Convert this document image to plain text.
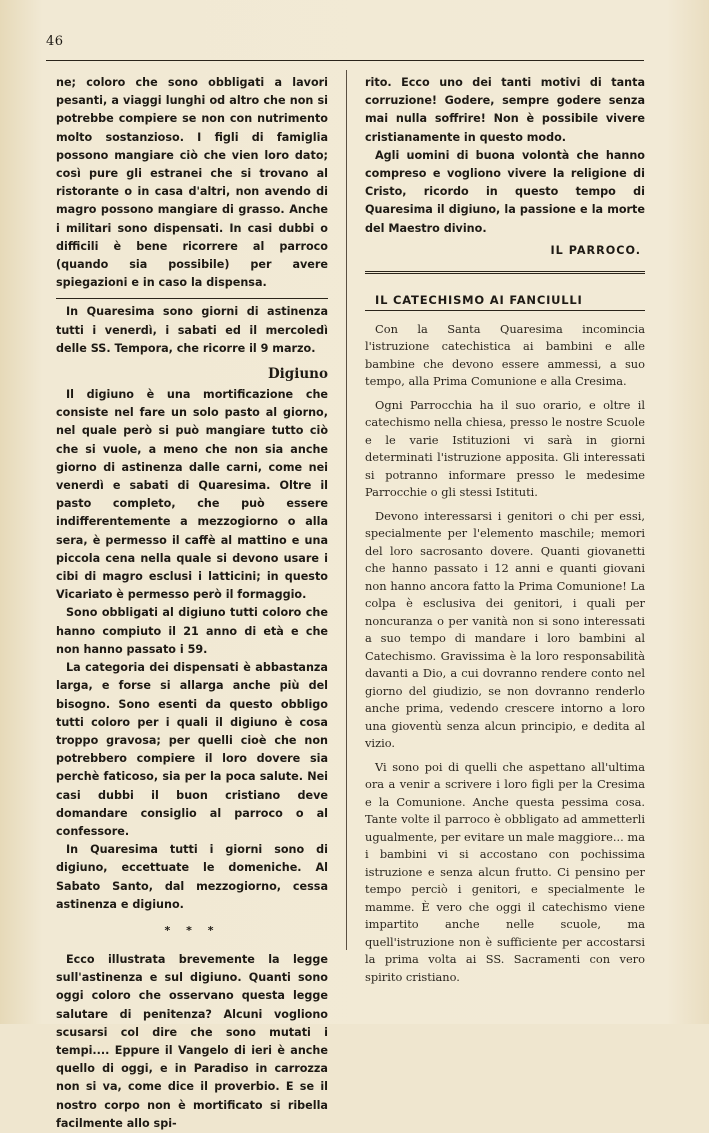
46

ne; coloro che sono obbligati a lavori pesanti, a viaggi lunghi od altro che non si potrebbe compiere se non con nutrimento molto sostanzioso. I figli di famiglia possono mangiare ciò che vien loro dato; così pure gli estranei che si trovano al ristorante o in casa d'altri, non avendo di magro possono mangiare di grasso. Anche i militari sono dispensati. In casi dubbi o difficili è bene ricorrere al parroco (quando sia possibile) per avere spiegazioni e in caso la dispensa.

In Quaresima sono giorni di astinenza tutti i venerdì, i sabati ed il mercoledì delle SS. Tempora, che ricorre il 9 marzo.

Digiuno

Il digiuno è una mortificazione che consiste nel fare un solo pasto al giorno, nel quale però si può mangiare tutto ciò che si vuole, a meno che non sia anche giorno di astinenza dalle carni, come nei venerdì e sabati di Quaresima. Oltre il pasto completo, che può essere indifferentemente a mezzogiorno o alla sera, è permesso il caffè al mattino e una piccola cena nella quale si devono usare i cibi di magro esclusi i latticini; in questo Vicariato è permesso però il formaggio.

Sono obbligati al digiuno tutti coloro che hanno compiuto il 21 anno di età e che non hanno passato i 59.

La categoria dei dispensati è abbastanza larga, e forse si allarga anche più del bisogno. Sono esenti da questo obbligo tutti coloro per i quali il digiuno è cosa troppo gravosa; per quelli cioè che non potrebbero compiere il loro dovere sia perchè faticoso, sia per la poca salute. Nei casi dubbi il buon cristiano deve domandare consiglio al parroco o al confessore.

In Quaresima tutti i giorni sono di digiuno, eccettuate le domeniche. Al Sabato Santo, dal mezzogiorno, cessa astinenza e digiuno.

* * *

Ecco illustrata brevemente la legge sull'astinenza e sul digiuno. Quanti sono oggi coloro che osservano questa legge salutare di penitenza? Alcuni vogliono scusarsi col dire che sono mutati i tempi.... Eppure il Vangelo di ieri è anche quello di oggi, e in Paradiso in carrozza non si va, come dice il proverbio. E se il nostro corpo non è mortificato si ribella facilmente allo spi-

rito. Ecco uno dei tanti motivi di tanta corruzione! Godere, sempre godere senza mai nulla soffrire! Non è possibile vivere cristianamente in questo modo.

Agli uomini di buona volontà che hanno compreso e vogliono vivere la religione di Cristo, ricordo in questo tempo di Quaresima il digiuno, la passione e la morte del Maestro divino.

IL PARROCO.
IL CATECHISMO AI FANCIULLI

Con la Santa Quaresima incomincia l'istruzione catechistica ai bambini e alle bambine che devono essere ammessi, a suo tempo, alla Prima Comunione e alla Cresima.

Ogni Parrocchia ha il suo orario, e oltre il catechismo nella chiesa, presso le nostre Scuole e le varie Istituzioni vi sarà in giorni determinati l'istruzione apposita. Gli interessati si potranno informare presso le medesime Parrocchie o gli stessi Istituti.

Devono interessarsi i genitori o chi per essi, specialmente per l'elemento maschile; memori del loro sacrosanto dovere. Quanti giovanetti che hanno passato i 12 anni e quanti giovani non hanno ancora fatto la Prima Comunione! La colpa è esclusiva dei genitori, i quali per noncuranza o per vanità non si sono interessati a suo tempo di mandare i loro bambini al Catechismo. Gravissima è la loro responsabilità davanti a Dio, a cui dovranno rendere conto nel giorno del giudizio, se non dovranno renderlo anche prima, vedendo crescere intorno a loro una gioventù senza alcun principio, e dedita al vizio.

Vi sono poi di quelli che aspettano all'ultima ora a venir a scrivere i loro figli per la Cresima e la Comunione. Anche questa pessima cosa. Tante volte il parroco è obbligato ad ammetterli ugualmente, per evitare un male maggiore... ma i bambini vi si accostano con pochissima istruzione e senza alcun frutto. Ci pensino per tempo perciò i genitori, e specialmente le mamme. È vero che oggi il catechismo viene impartito anche nelle scuole, ma quell'istruzione non è sufficiente per accostarsi la prima volta ai SS. Sacramenti con vero spirito cristiano.
